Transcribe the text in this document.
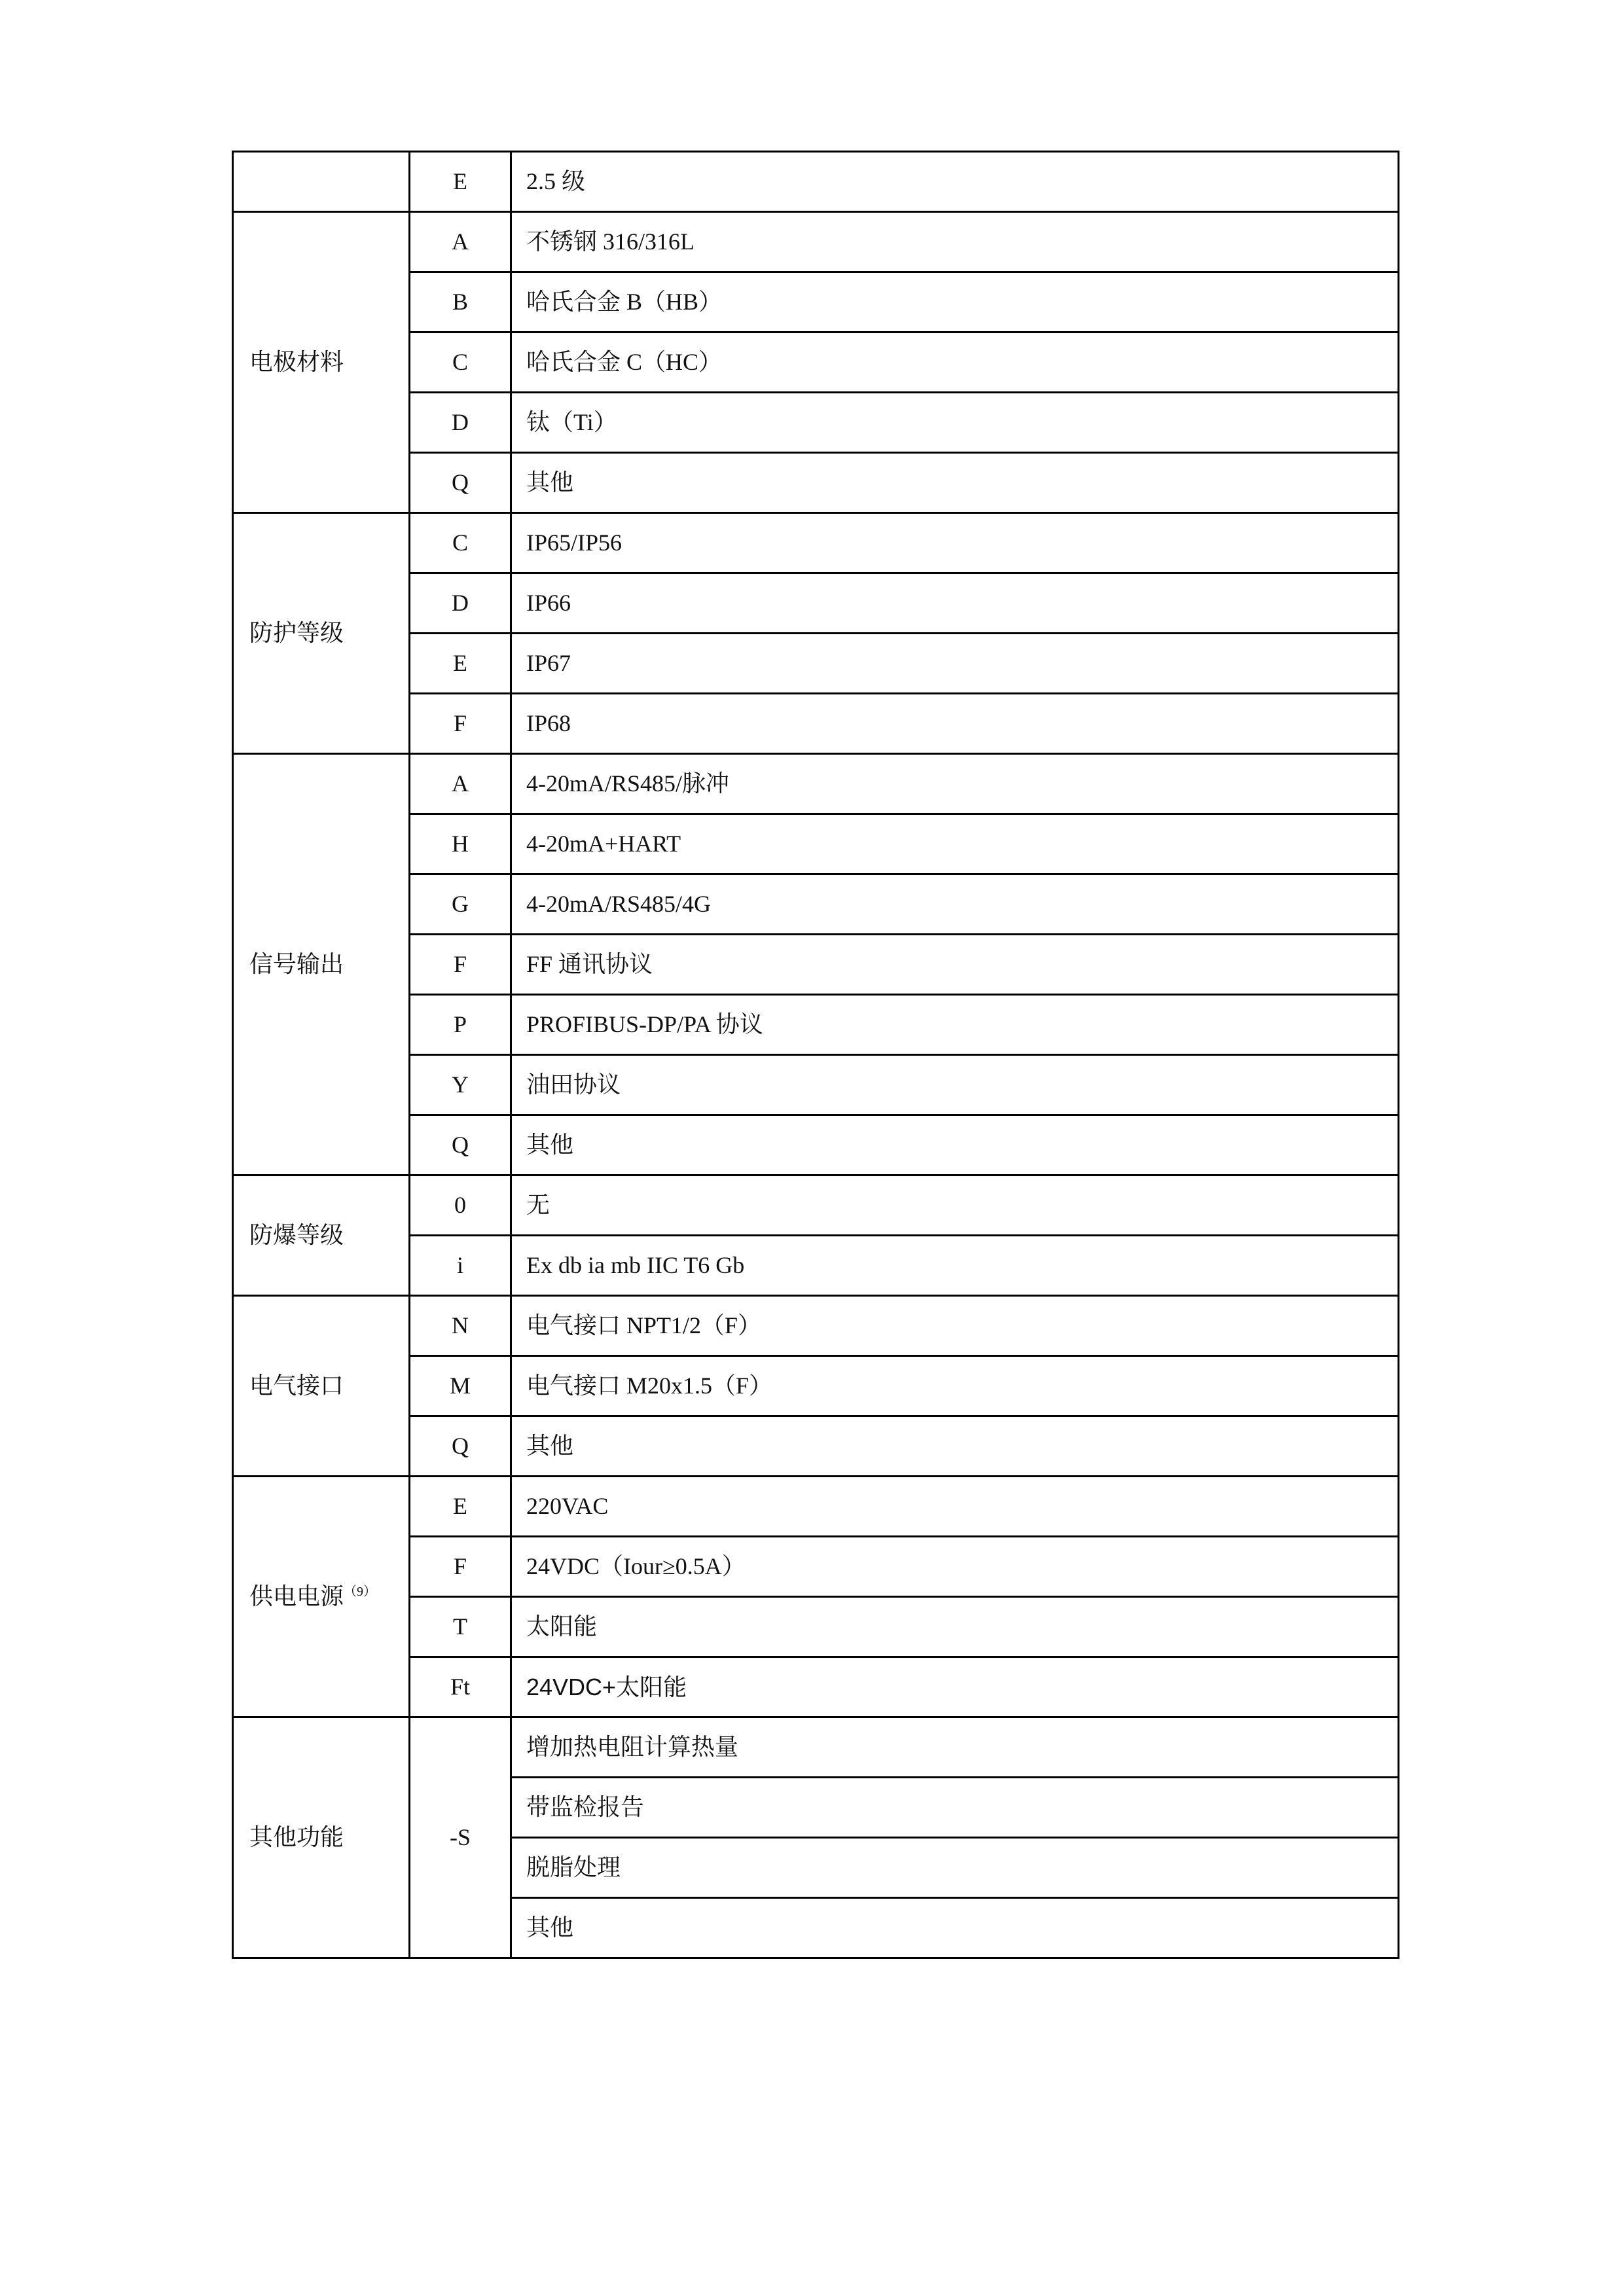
	E	2.5 级
电极材料	A	不锈钢 316/316L
	B	哈氏合金 B（HB）
	C	哈氏合金 C（HC）
	D	钛（Ti）
	Q	其他
防护等级	C	IP65/IP56
	D	IP66
	E	IP67
	F	IP68
信号输出	A	4-20mA/RS485/脉冲
	H	4-20mA+HART
	G	4-20mA/RS485/4G
	F	FF 通讯协议
	P	PROFIBUS-DP/PA 协议
	Y	油田协议
	Q	其他
防爆等级	0	无
	i	Ex db ia mb IIC T6 Gb
电气接口	N	电气接口 NPT1/2（F）
	M	电气接口 M20x1.5（F）
	Q	其他
供电电源$^{(9)}$	E	220VAC
	F	24VDC（Iour≥0.5A）
	T	太阳能
	Ft	24VDC+太阳能
其他功能	-S	增加热电阻计算热量
		带监检报告
		脱脂处理
		其他
